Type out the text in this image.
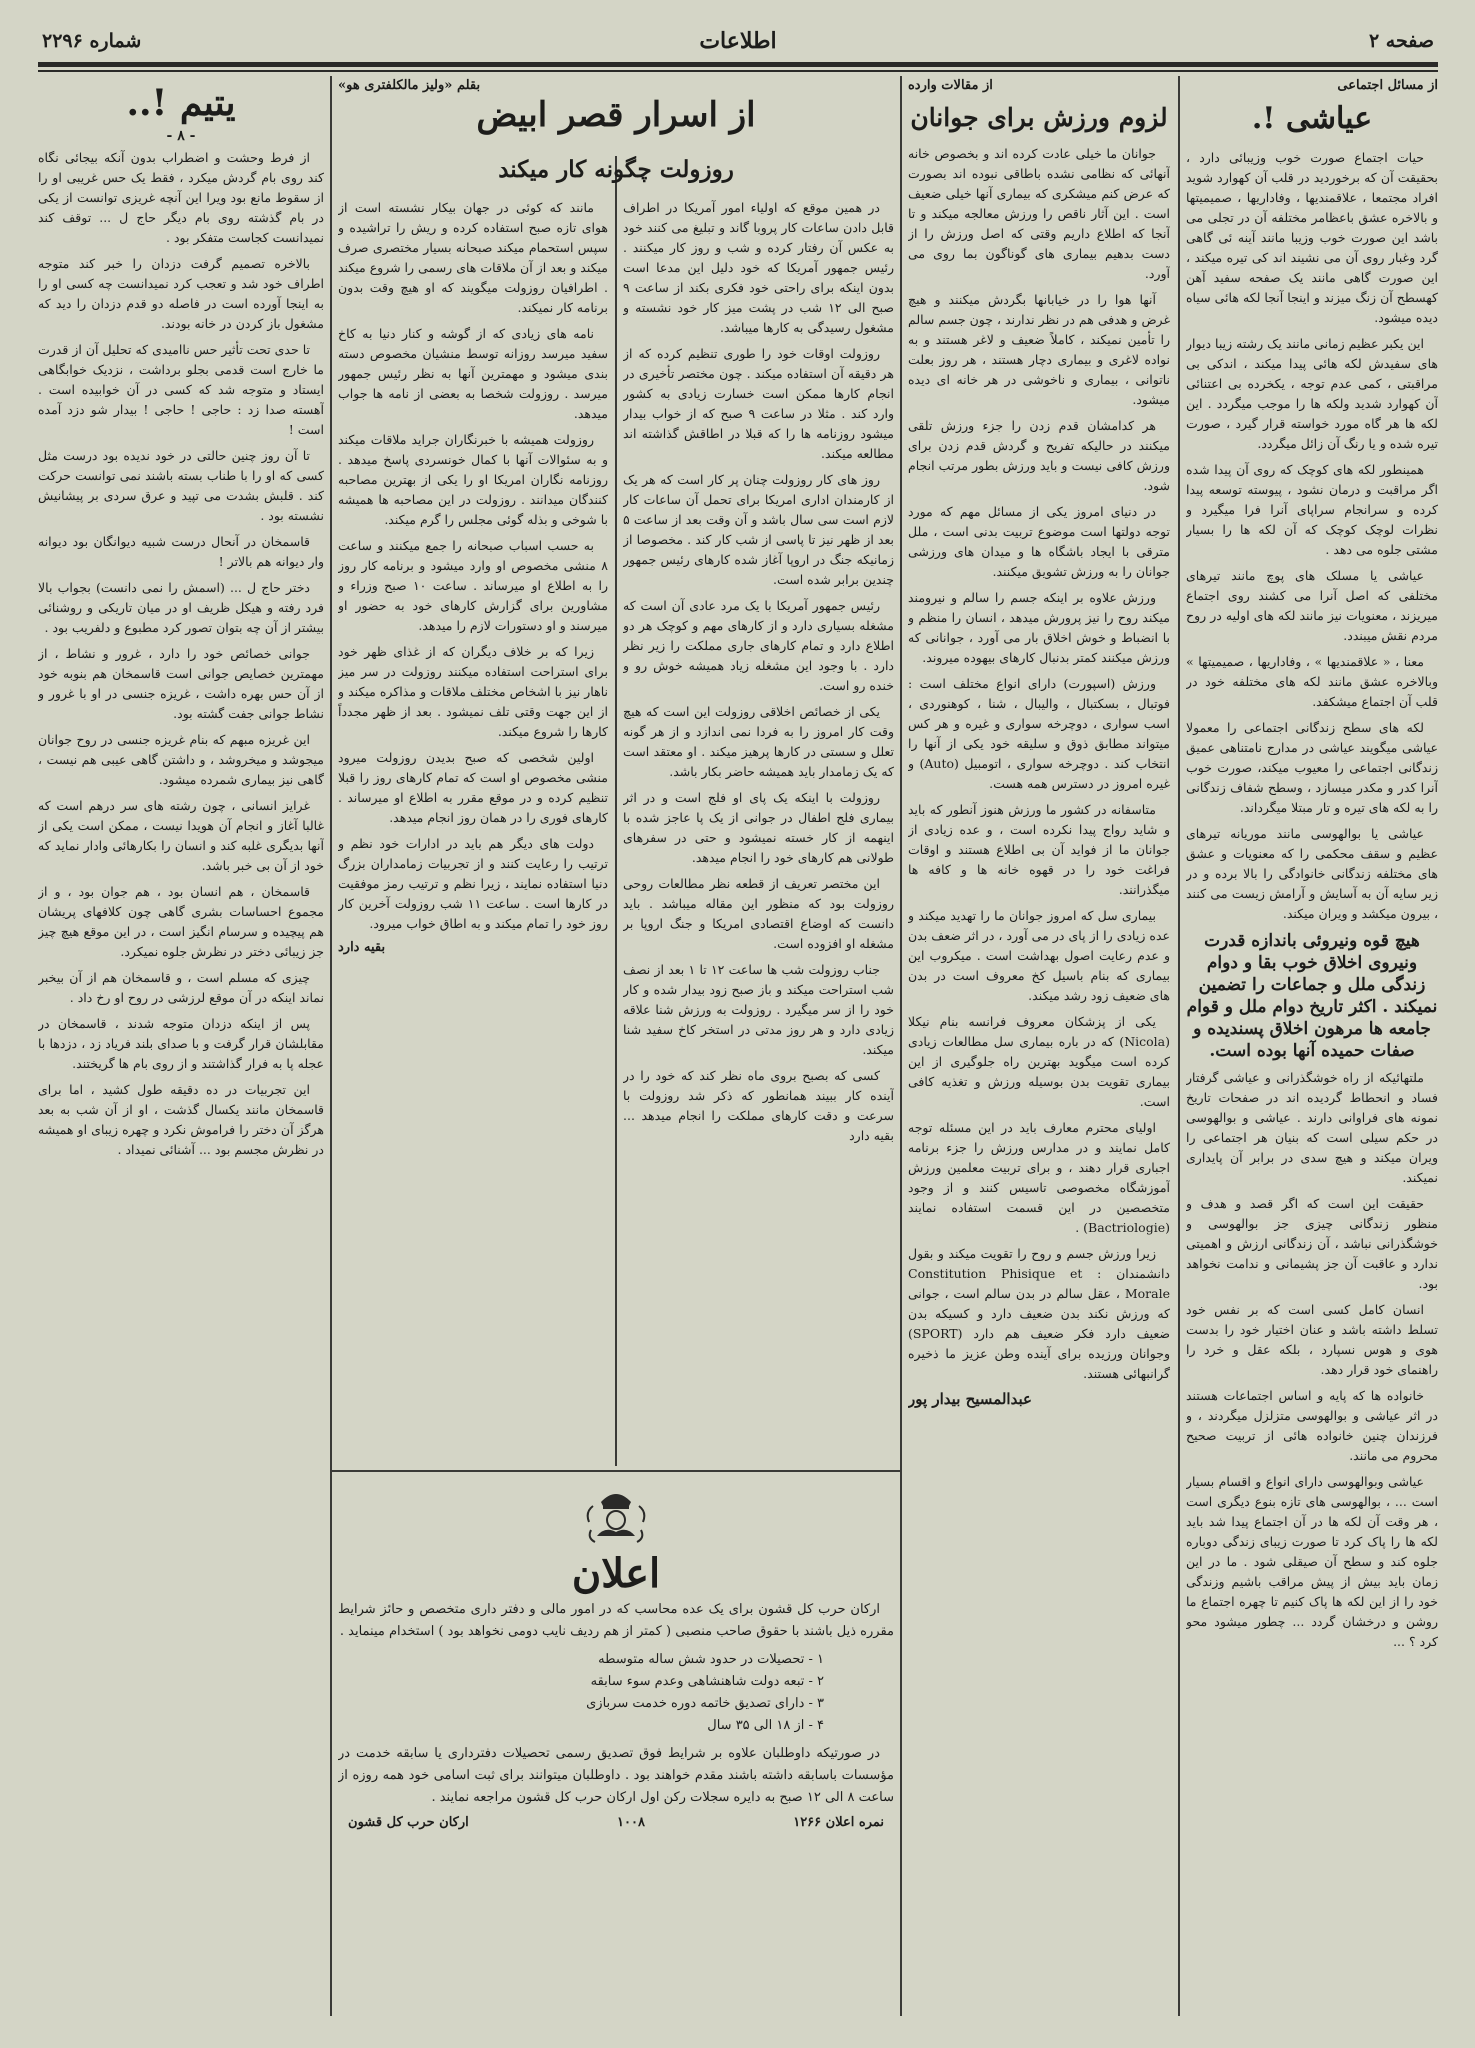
صفحه ۲
اطلاعات
شماره ۲۲۹۶
از مسائل اجتماعی
عیاشی !.

حیات اجتماع صورت خوب وزیبائی دارد ، بحقیقت آن که برخوردید در قلب آن کهوارد شوید افراد مجتمعا ، علاقمندیها ، وفاداریها ، صمیمیتها و بالاخره عشق باعظامر مختلفه آن در تجلی می باشد این صورت خوب وزیبا مانند آینه ئی گاهی گرد وغبار روی آن می نشیند اند کی تیره میکند ، این صورت گاهی مانند یک صفحه سفید آهن کهسطح آن زنگ میزند و اینجا آنجا لکه هائی سیاه دیده میشود.

این یکبر عظیم زمانی مانند یک رشته زیبا دیوار های سفیدش لکه هائی پیدا میکند ، اندکی بی مراقبتی ، کمی عدم توجه ، یکخرده بی اعتنائی آن کهوارد شدید ولکه ها را موجب میگردد . این لکه ها هر گاه مورد خواسته قرار گیرد ، صورت تیره شده و یا رنگ آن زائل میگردد.

همینطور لکه های کوچک که روی آن پیدا شده اگر مراقبت و درمان نشود ، پیوسته توسعه پیدا کرده و سرانجام سراپای آنرا فرا میگیرد و نظرات لوچک کوچک که آن لکه ها را بسیار مشتی جلوه می دهد .

عیاشی یا مسلک های پوچ مانند تیرهای مختلفی که اصل آنرا می کشند روی اجتماع میریزند ، معنویات نیز مانند لکه های اولیه در روح مردم نقش میبندد.

معنا ، « علاقمندیها » ، وفاداریها ، صمیمیتها » وبالاخره عشق مانند لکه های مختلفه خود در قلب آن اجتماع میشکفد.

لکه های سطح زندگانی اجتماعی را معمولا عیاشی میگویند عیاشی در مدارج نامتناهی عمیق زندگانی اجتماعی را معیوب میکند، صورت خوب آنرا کدر و مکدر میسازد ، وسطح شفاف زندگانی را به لکه های تیره و تار مبتلا میگرداند.

عیاشی یا بوالهوسی مانند موریانه تیرهای عظیم و سقف محکمی را که معنویات و عشق های مختلفه زندگانی خانوادگی را بالا برده و در زیر سایه آن به آسایش و آرامش زیست می کنند ، بیرون میکشد و ویران میکند.

هیچ قوه ونیروئی باندازه قدرت ونیروی اخلاق خوب بقا و دوام زندگی ملل و جماعات را تضمین نمیکند . اکثر تاریخ دوام ملل و قوام جامعه ها مرهون اخلاق پسندیده و صفات حمیده آنها بوده است.

ملتهائیکه از راه خوشگذرانی و عیاشی گرفتار فساد و انحطاط گردیده اند در صفحات تاریخ نمونه های فراوانی دارند . عیاشی و بوالهوسی در حکم سیلی است که بنیان هر اجتماعی را ویران میکند و هیچ سدی در برابر آن پایداری نمیکند.

حقیقت این است که اگر قصد و هدف و منظور زندگانی چیزی جز بوالهوسی و خوشگذرانی نباشد ، آن زندگانی ارزش و اهمیتی ندارد و عاقبت آن جز پشیمانی و ندامت نخواهد بود.

انسان کامل کسی است که بر نفس خود تسلط داشته باشد و عنان اختیار خود را بدست هوی و هوس نسپارد ، بلکه عقل و خرد را راهنمای خود قرار دهد.

خانواده ها که پایه و اساس اجتماعات هستند در اثر عیاشی و بوالهوسی متزلزل میگردند ، و فرزندان چنین خانواده هائی از تربیت صحیح محروم می مانند.

عیاشی وبوالهوسی دارای انواع و اقسام بسیار است ... ، بوالهوسی های تازه بنوع دیگری است ، هر وقت آن لکه ها در آن اجتماع پیدا شد باید لکه ها را پاک کرد تا صورت زیبای زندگی دوباره جلوه کند و سطح آن صیقلی شود . ما در این زمان باید بیش از پیش مراقب باشیم وزندگی خود را از این لکه ها پاک کنیم تا چهره اجتماع ما روشن و درخشان گردد ... چطور میشود محو کرد ؟ ...

از مقالات وارده
لزوم ورزش برای جوانان

جوانان ما خیلی عادت کرده اند و بخصوص خانه آنهائی که نظامی نشده باطاقی نبوده اند بصورت که عرض کنم میشکری که بیماری آنها خیلی ضعیف است . این آثار ناقص را ورزش معالجه میکند و تا آنجا که اطلاع داریم وقتی که اصل ورزش را از دست بدهیم بیماری های گوناگون بما روی می آورد.

آنها هوا را در خیابانها بگردش میکنند و هیچ غرض و هدفی هم در نظر ندارند ، چون جسم سالم را تأمین نمیکند ، کاملاً ضعیف و لاغر هستند و به نواده لاغری و بیماری دچار هستند ، هر روز بعلت ناتوانی ، بیماری و ناخوشی در هر خانه ای دیده میشود.

هر کدامشان قدم زدن را جزء ورزش تلقی میکنند در حالیکه تفریح و گردش قدم زدن برای ورزش کافی نیست و باید ورزش بطور مرتب انجام شود.

در دنیای امروز یکی از مسائل مهم که مورد توجه دولتها است موضوع تربیت بدنی است ، ملل مترقی با ایجاد باشگاه ها و میدان های ورزشی جوانان را به ورزش تشویق میکنند.

ورزش علاوه بر اینکه جسم را سالم و نیرومند میکند روح را نیز پرورش میدهد ، انسان را منظم و با انضباط و خوش اخلاق بار می آورد ، جوانانی که ورزش میکنند کمتر بدنبال کارهای بیهوده میروند.

ورزش (اسپورت) دارای انواع مختلف است : فوتبال ، بسکتبال ، والیبال ، شنا ، کوهنوردی ، اسب سواری ، دوچرخه سواری و غیره و هر کس میتواند مطابق ذوق و سلیقه خود یکی از آنها را انتخاب کند . دوچرخه سواری ، اتومبیل (Auto) و غیره امروز در دسترس همه هست.

متاسفانه در کشور ما ورزش هنوز آنطور که باید و شاید رواج پیدا نکرده است ، و عده زیادی از جوانان ما از فواید آن بی اطلاع هستند و اوقات فراغت خود را در قهوه خانه ها و کافه ها میگذرانند.

بیماری سل که امروز جوانان ما را تهدید میکند و عده زیادی را از پای در می آورد ، در اثر ضعف بدن و عدم رعایت اصول بهداشت است . میکروب این بیماری که بنام باسیل کخ معروف است در بدن های ضعیف زود رشد میکند.

یکی از پزشکان معروف فرانسه بنام نیکلا (Nicola) که در باره بیماری سل مطالعات زیادی کرده است میگوید بهترین راه جلوگیری از این بیماری تقویت بدن بوسیله ورزش و تغذیه کافی است.

اولیای محترم معارف باید در این مسئله توجه کامل نمایند و در مدارس ورزش را جزء برنامه اجباری قرار دهند ، و برای تربیت معلمین ورزش آموزشگاه مخصوصی تاسیس کنند و از وجود متخصصین در این قسمت استفاده نمایند (Bactriologie) .

زیرا ورزش جسم و روح را تقویت میکند و بقول دانشمندان : Constitution Phisique et Morale ، عقل سالم در بدن سالم است ، جوانی که ورزش نکند بدن ضعیف دارد و کسیکه بدن ضعیف دارد فکر ضعیف هم دارد (SPORT) وجوانان ورزیده برای آینده وطن عزیز ما ذخیره گرانبهائی هستند.

عبدالمسیح بیدار پور
بقلم «ولیز مالکلفتری هو»
از اسرار قصر ابیض
روزولت چگونه کار میکند

در همین موقع که اولیاء امور آمریکا در اطراف قابل دادن ساعات کار پروبا گاند و تبلیغ می کنند خود به عکس آن رفتار کرده و شب و روز کار میکنند . رئیس جمهور آمریکا که خود دلیل این مدعا است بدون اینکه برای راحتی خود فکری بکند از ساعت ۹ صبح الی ۱۲ شب در پشت میز کار خود نشسته و مشغول رسیدگی به کارها میباشد.

روزولت اوقات خود را طوری تنظیم کرده که از هر دقیقه آن استفاده میکند . چون مختصر تأخیری در انجام کارها ممکن است خسارت زیادی به کشور وارد کند . مثلا در ساعت ۹ صبح که از خواب بیدار میشود روزنامه ها را که قبلا در اطاقش گذاشته اند مطالعه میکند.

روز های کار روزولت چنان پر کار است که هر یک از کارمندان اداری امریکا برای تحمل آن ساعات کار لازم است سی سال باشد و آن وقت بعد از ساعت ۵ بعد از ظهر نیز تا پاسی از شب کار کند . مخصوصا از زمانیکه جنگ در اروپا آغاز شده کارهای رئیس جمهور چندین برابر شده است.

رئیس جمهور آمریکا با یک مرد عادی آن است که مشغله بسیاری دارد و از کارهای مهم و کوچک هر دو اطلاع دارد و تمام کارهای جاری مملکت را زیر نظر دارد . با وجود این مشغله زیاد همیشه خوش رو و خنده رو است.

یکی از خصائص اخلاقی روزولت این است که هیچ وقت کار امروز را به فردا نمی اندازد و از هر گونه تعلل و سستی در کارها پرهیز میکند . او معتقد است که یک زمامدار باید همیشه حاضر بکار باشد.

روزولت با اینکه یک پای او فلج است و در اثر بیماری فلج اطفال در جوانی از یک پا عاجز شده با اینهمه از کار خسته نمیشود و حتی در سفرهای طولانی هم کارهای خود را انجام میدهد.

این مختصر تعریف از قطعه نظر مطالعات روحی روزولت بود که منظور این مقاله میباشد . باید دانست که اوضاع اقتصادی امریکا و جنگ اروپا بر مشغله او افزوده است.

جناب روزولت شب ها ساعت ۱۲ تا ۱ بعد از نصف شب استراحت میکند و باز صبح زود بیدار شده و کار خود را از سر میگیرد . روزولت به ورزش شنا علاقه زیادی دارد و هر روز مدتی در استخر کاخ سفید شنا میکند.

کسی که بصبح بروی ماه نظر کند که خود را در آینده کار ببیند همانطور که ذکر شد روزولت با سرعت و دقت کارهای مملکت را انجام میدهد ... بقیه دارد

مانند که کوئی در جهان بیکار نشسته است از هوای تازه صبح استفاده کرده و ریش را تراشیده و سپس استحمام میکند صبحانه بسیار مختصری صرف میکند و بعد از آن ملاقات های رسمی را شروع میکند . اطرافیان روزولت میگویند که او هیچ وقت بدون برنامه کار نمیکند.

نامه های زیادی که از گوشه و کنار دنیا به کاخ سفید میرسد روزانه توسط منشیان مخصوص دسته بندی میشود و مهمترین آنها به نظر رئیس جمهور میرسد . روزولت شخصا به بعضی از نامه ها جواب میدهد.

روزولت همیشه با خبرنگاران جراید ملاقات میکند و به سئوالات آنها با کمال خونسردی پاسخ میدهد . روزنامه نگاران امریکا او را یکی از بهترین مصاحبه کنندگان میدانند . روزولت در این مصاحبه ها همیشه با شوخی و بذله گوئی مجلس را گرم میکند.

به حسب اسباب صبحانه را جمع میکنند و ساعت ۸ منشی مخصوص او وارد میشود و برنامه کار روز را به اطلاع او میرساند . ساعت ۱۰ صبح وزراء و مشاورین برای گزارش کارهای خود به حضور او میرسند و او دستورات لازم را میدهد.

زیرا که بر خلاف دیگران که از غذای ظهر خود برای استراحت استفاده میکنند روزولت در سر میز ناهار نیز با اشخاص مختلف ملاقات و مذاکره میکند و از این جهت وقتی تلف نمیشود . بعد از ظهر مجدداً کارها را شروع میکند.

اولین شخصی که صبح بدیدن روزولت میرود منشی مخصوص او است که تمام کارهای روز را قبلا تنظیم کرده و در موقع مقرر به اطلاع او میرساند . کارهای فوری را در همان روز انجام میدهد.

دولت های دیگر هم باید در ادارات خود نظم و ترتیب را رعایت کنند و از تجربیات زمامداران بزرگ دنیا استفاده نمایند ، زیرا نظم و ترتیب رمز موفقیت در کارها است . ساعت ۱۱ شب روزولت آخرین کار روز خود را تمام میکند و به اطاق خواب میرود.

بقیه دارد
اعلان

ارکان حرب کل قشون برای یک عده محاسب که در امور مالی و دفتر داری متخصص و حائز شرایط مقرره ذیل باشند با حقوق صاحب منصبی ( کمتر از هم ردیف نایب دومی نخواهد بود ) استخدام مینماید .

۱ - تحصیلات در حدود شش ساله متوسطه
۲ - تبعه دولت شاهنشاهی وعدم سوء سابقه
۳ - دارای تصدیق خاتمه دوره خدمت سربازی
۴ - از ۱۸ الی ۳۵ سال

در صورتیکه داوطلبان علاوه بر شرایط فوق تصدیق رسمی تحصیلات دفترداری یا سابقه خدمت در مؤسسات باسابقه داشته باشند مقدم خواهند بود . داوطلبان میتوانند برای ثبت اسامی خود همه روزه از ساعت ۸ الی ۱۲ صبح به دایره سجلات رکن اول ارکان حرب کل قشون مراجعه نمایند .

نمره اعلان ۱۲۶۶
۱۰۰۸
ارکان حرب کل قشون
یتیم !..
- ۸ -

از فرط وحشت و اضطراب بدون آنکه بیجائی نگاه کند روی بام گردش میکرد ، فقط یک حس غریبی او را از سقوط مانع بود ویرا این آنچه غریزی توانست از یکی در بام گذشته روی بام دیگر حاج ل ... توقف کند نمیدانست کجاست متفکر بود .

بالاخره تصمیم گرفت دزدان را خبر کند متوجه اطراف خود شد و تعجب کرد نمیدانست چه کسی او را به اینجا آورده است در فاصله دو قدم دزدان را دید که مشغول باز کردن در خانه بودند.

تا حدی تحت تأثیر حس ناامیدی که تحلیل آن از قدرت ما خارج است قدمی بجلو برداشت ، نزدیک خوابگاهی ایستاد و متوجه شد که کسی در آن خوابیده است . آهسته صدا زد : حاجی ! حاجی ! بیدار شو دزد آمده است !

تا آن روز چنین حالتی در خود ندیده بود درست مثل کسی که او را با طناب بسته باشند نمی توانست حرکت کند . قلبش بشدت می تپید و عرق سردی بر پیشانیش نشسته بود .

قاسمخان در آنحال درست شبیه دیوانگان بود دیوانه وار دیوانه هم بالاتر !

دختر حاج ل ... (اسمش را نمی دانست) بجواب بالا فرد رفته و هیکل ظریف او در میان تاریکی و روشنائی بیشتر از آن چه بتوان تصور کرد مطبوع و دلفریب بود .

جوانی خصائص خود را دارد ، غرور و نشاط ، از مهمترین خصایص جوانی است قاسمخان هم بنوبه خود از آن حس بهره داشت ، غریزه جنسی در او با غرور و نشاط جوانی جفت گشته بود.

این غریزه مبهم که بنام غریزه جنسی در روح جوانان میجوشد و میخروشد ، و داشتن گاهی عیبی هم نیست ، گاهی نیز بیماری شمرده میشود.

غرایز انسانی ، چون رشته های سر درهم است که غالبا آغاز و انجام آن هویدا نیست ، ممکن است یکی از آنها بدیگری غلبه کند و انسان را بکارهائی وادار نماید که خود از آن بی خبر باشد.

قاسمخان ، هم انسان بود ، هم جوان بود ، و از مجموع احساسات بشری گاهی چون کلافهای پریشان هم پیچیده و سرسام انگیز است ، در این موقع هیچ چیز جز زیبائی دختر در نظرش جلوه نمیکرد.

چیزی که مسلم است ، و قاسمخان هم از آن بیخبر نماند اینکه در آن موقع لرزشی در روح او رخ داد .

پس از اینکه دزدان متوجه شدند ، قاسمخان در مقابلشان قرار گرفت و با صدای بلند فریاد زد ، دزدها با عجله پا به فرار گذاشتند و از روی بام ها گریختند.

این تجربیات در ده دقیقه طول کشید ، اما برای قاسمخان مانند یکسال گذشت ، او از آن شب به بعد هرگز آن دختر را فراموش نکرد و چهره زیبای او همیشه در نظرش مجسم بود ... آشنائی نمیداد .
